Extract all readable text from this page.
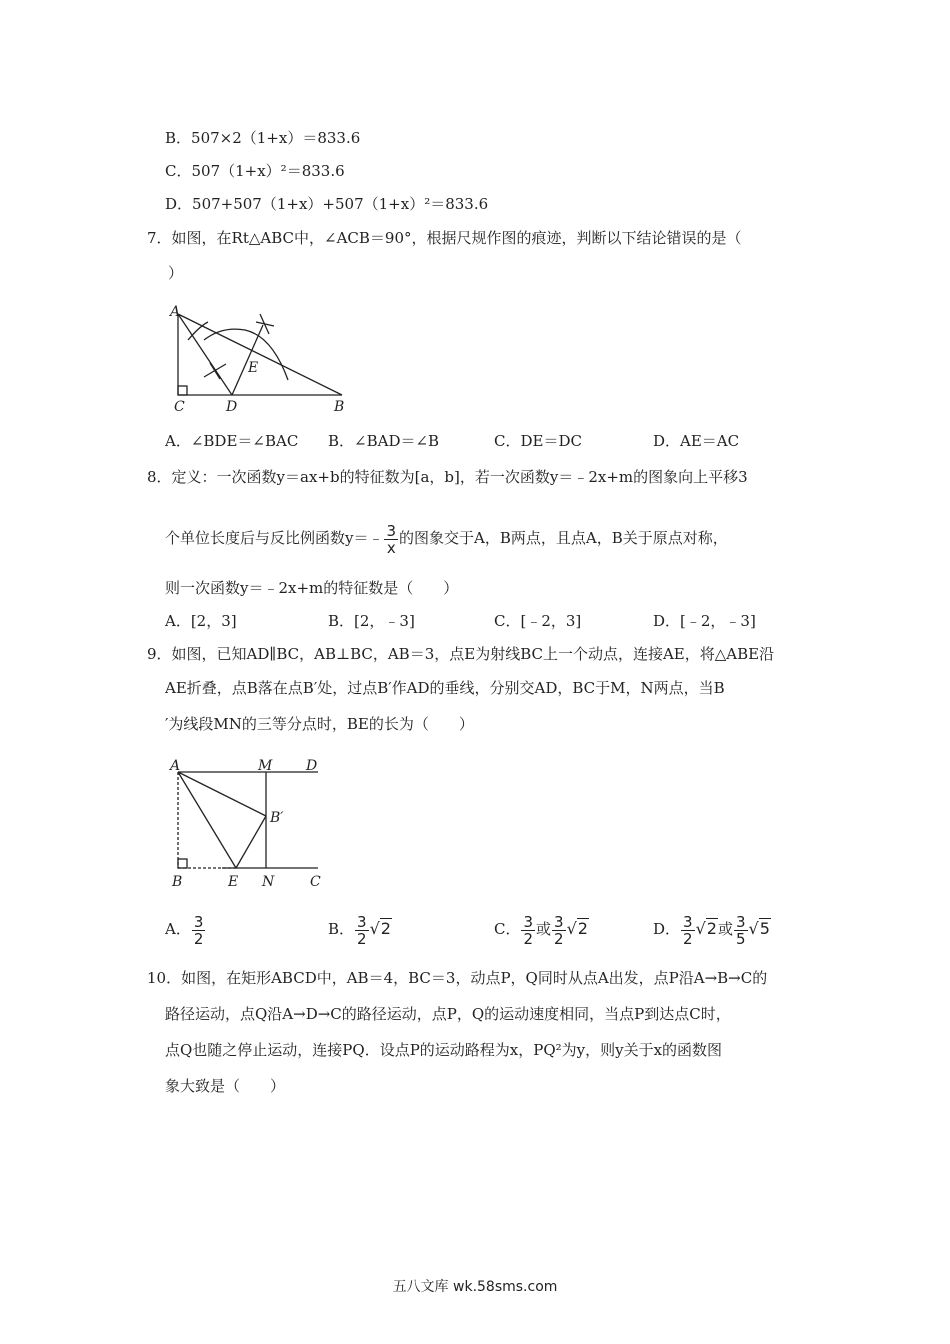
B．507×2（1+x）＝833.6
C．507（1+x）²＝833.6
D．507+507（1+x）+507（1+x）²＝833.6
7．如图，在Rt△ABC中，∠ACB＝90°，根据尺规作图的痕迹，判断以下结论错误的是（
）
A
C	D	B
E
A．∠BDE＝∠BAC B．∠BAD＝∠B	C．DE＝DC	D．AE＝AC
8．定义：一次函数y＝ax+b的特征数为[a，b]，若一次函数y＝﹣2x+m的图象向上平移3
个单位长度后与反比例函数y＝﹣ $\frac{3}{x}$ 的图象交于A，B两点，且点A，B关于原点对称，
则一次函数y＝﹣2x+m的特征数是（　　）
A．[2，3]	B．[2，﹣3]	C．[﹣2，3]	D．[﹣2，﹣3]
9．如图，已知AD∥BC，AB⊥BC，AB＝3，点E为射线BC上一个动点，连接AE，将△ABE沿
AE折叠，点B落在点B′处，过点B′作AD的垂线，分别交AD，BC于M，N两点，当B
′为线段MN的三等分点时，BE的长为（　　）
A	M D
B′
B	E N	C
A． $\frac{3}{2}$	B． $\frac{3}{2} √2$	C． $\frac{3}{2}$ 或 $\frac{3}{2} √2$	D． $\frac{3}{2} √2$或 $\frac{3}{5} √5$
10．如图，在矩形ABCD中，AB＝4，BC＝3，动点P，Q同时从点A出发，点P沿A→B→C的
路径运动，点Q沿A→D→C的路径运动，点P，Q的运动速度相同，当点P到达点C时，
点Q也随之停止运动，连接PQ．设点P的运动路程为x，PQ²为y，则y关于x的函数图
象大致是（　　）
五八文库 wk.58sms.com
